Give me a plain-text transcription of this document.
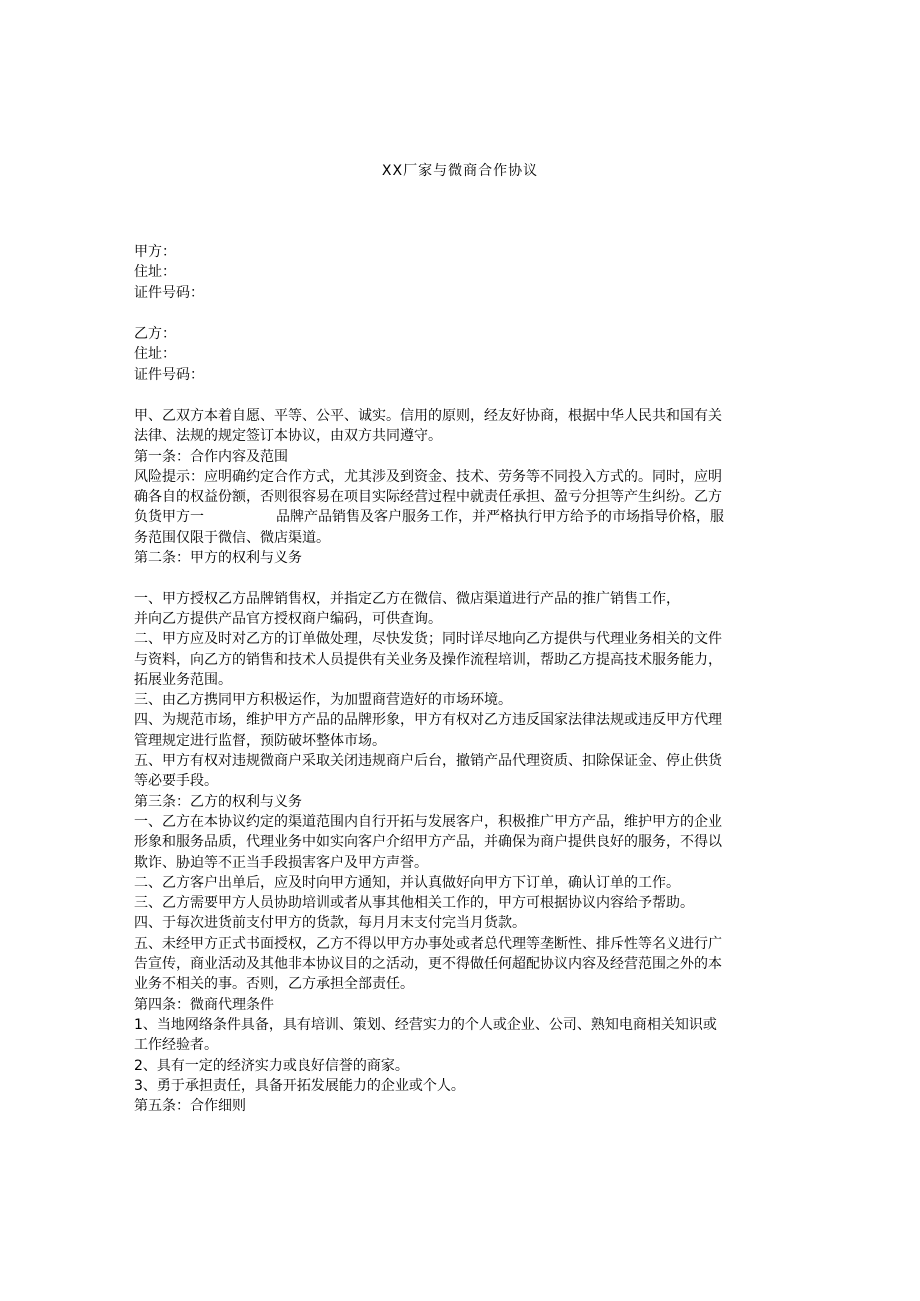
XX厂家与微商合作协议
甲方：
住址：
证件号码：
乙方：
住址：
证件号码：
甲、乙双方本着自愿、平等、公平、诚实。信用的原则，经友好协商，根据中华人民共和国有关
法律、法规的规定签订本协议，由双方共同遵守。
第一条：合作内容及范围
风险提示：应明确约定合作方式，尤其涉及到资金、技术、劳务等不同投入方式的。同时，应明
确各自的权益份额，否则很容易在项目实际经营过程中就责任承担、盈亏分担等产生纠纷。乙方
负货甲方一	品牌产品销售及客户服务工作，并严格执行甲方给予的市场指导价格，服
务范围仅限于微信、微店渠道。
第二条：甲方的权利与义务
一、甲方授权乙方品牌销售权，并指定乙方在微信、微店渠道进行产品的推广销售工作，
并向乙方提供产品官方授权商户编码，可供查询。
二、甲方应及时对乙方的订单做处理，尽快发货；同时详尽地向乙方提供与代理业务相关的文件
与资料，向乙方的销售和技术人员提供有关业务及操作流程培训，帮助乙方提高技术服务能力，
拓展业务范围。
三、由乙方携同甲方积极运作，为加盟商营造好的市场环境。
四、为规范市场，维护甲方产品的品牌形象，甲方有权对乙方违反国家法律法规或违反甲方代理
管理规定进行监督，预防破坏整体市场。
五、甲方有权对违规微商户采取关闭违规商户后台，撤销产品代理资质、扣除保证金、停止供货
等必要手段。
第三条：乙方的权利与义务
一、乙方在本协议约定的渠道范围内自行开拓与发展客户，积极推广甲方产品，维护甲方的企业
形象和服务品质，代理业务中如实向客户介绍甲方产品，并确保为商户提供良好的服务，不得以
欺诈、胁迫等不正当手段损害客户及甲方声誉。
二、乙方客户出单后，应及时向甲方通知，并认真做好向甲方下订单，确认订单的工作。
三、乙方需要甲方人员协助培训或者从事其他相关工作的，甲方可根据协议内容给予帮助。
四、于每次进货前支付甲方的货款，每月月末支付完当月货款。
五、未经甲方正式书面授权，乙方不得以甲方办事处或者总代理等垄断性、排斥性等名义进行广
告宣传，商业活动及其他非本协议目的之活动，更不得做任何超配协议内容及经营范围之外的本
业务不相关的事。否则，乙方承担全部责任。
第四条：微商代理条件
1、当地网络条件具备，具有培训、策划、经营实力的个人或企业、公司、熟知电商相关知识或
工作经验者。
2、具有一定的经济实力或良好信誉的商家。
3、勇于承担责任，具备开拓发展能力的企业或个人。
第五条：合作细则
